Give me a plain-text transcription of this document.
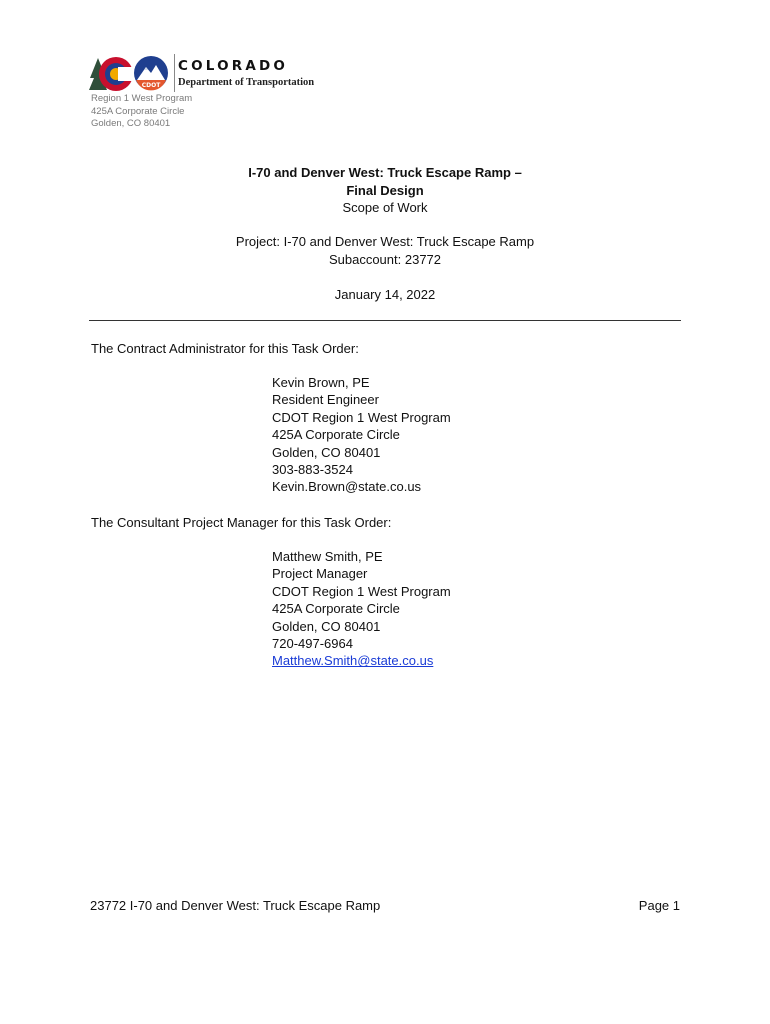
CDOT
COLORADO
Department of Transportation
Region 1 West Program
425A Corporate Circle
Golden, CO 80401
I-70 and Denver West: Truck Escape Ramp –
Final Design
Scope of Work
Project: I-70 and Denver West: Truck Escape Ramp
Subaccount: 23772
January 14, 2022
The Contract Administrator for this Task Order:
Kevin Brown, PE
Resident Engineer
CDOT Region 1 West Program
425A Corporate Circle
Golden, CO 80401
303-883-3524
Kevin.Brown@state.co.us
The Consultant Project Manager for this Task Order:
Matthew Smith, PE
Project Manager
CDOT Region 1 West Program
425A Corporate Circle
Golden, CO 80401
720-497-6964
Matthew.Smith@state.co.us
23772 I-70 and Denver West: Truck Escape Ramp	Page 1
